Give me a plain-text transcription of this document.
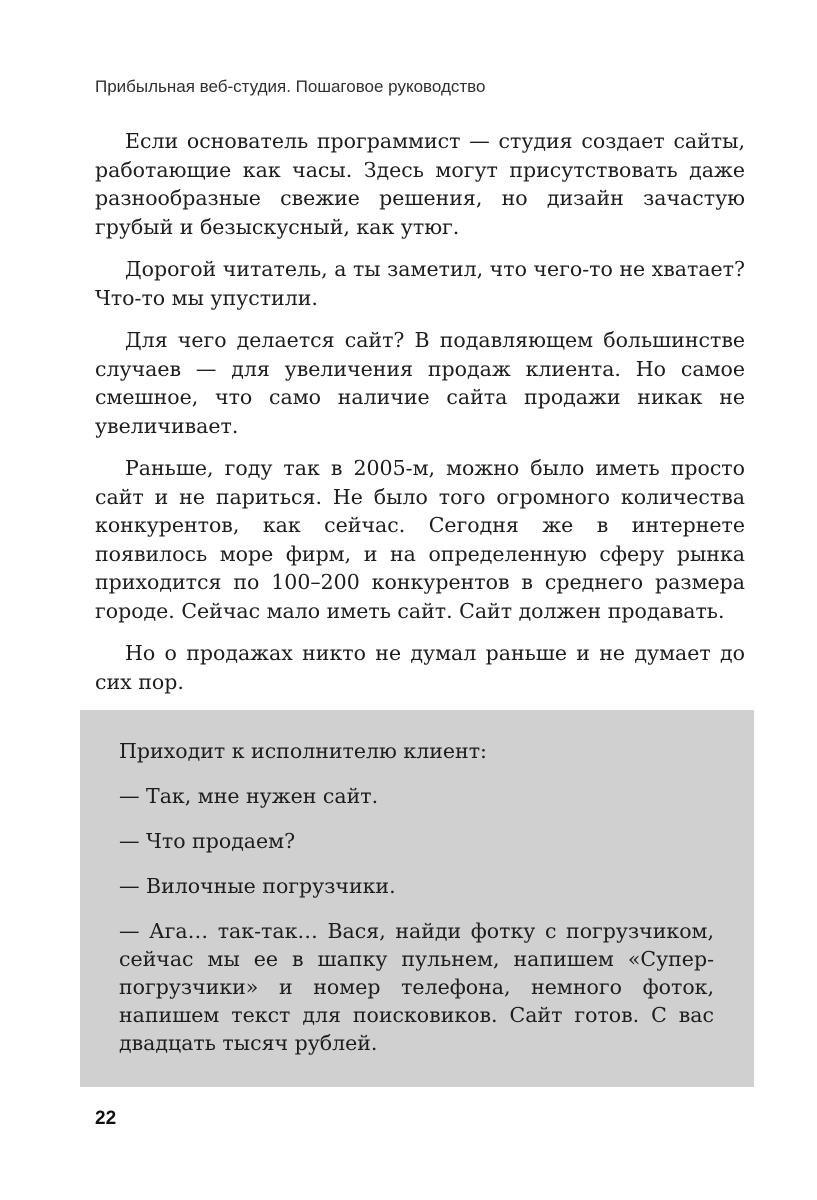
Прибыльная веб-студия. Пошаговое руководство

Если основатель программист — студия создает сайты, работающие как часы. Здесь могут присутствовать даже разнообразные свежие решения, но дизайн зачастую грубый и безыскусный, как утюг.

Дорогой читатель, а ты заметил, что чего-то не хватает? Что-то мы упустили.

Для чего делается сайт? В подавляющем большинстве случаев — для увеличения продаж клиента. Но самое смешное, что само наличие сайта продажи никак не увеличивает.

Раньше, году так в 2005-м, можно было иметь просто сайт и не париться. Не было того огромного количества конкурентов, как сейчас. Сегодня же в интернете появилось море фирм, и на определенную сферу рынка приходится по 100–200 конкурентов в среднего размера городе. Сейчас мало иметь сайт. Сайт должен продавать.

Но о продажах никто не думал раньше и не думает до сих пор.

Приходит к исполнителю клиент:

— Так, мне нужен сайт.

— Что продаем?

— Вилочные погрузчики.

— Ага… так-так… Вася, найди фотку с погрузчиком, сейчас мы ее в шапку пульнем, напишем «Супер-погрузчики» и номер телефона, немного фоток, напишем текст для поисковиков. Сайт готов. С вас двадцать тысяч рублей.

22
